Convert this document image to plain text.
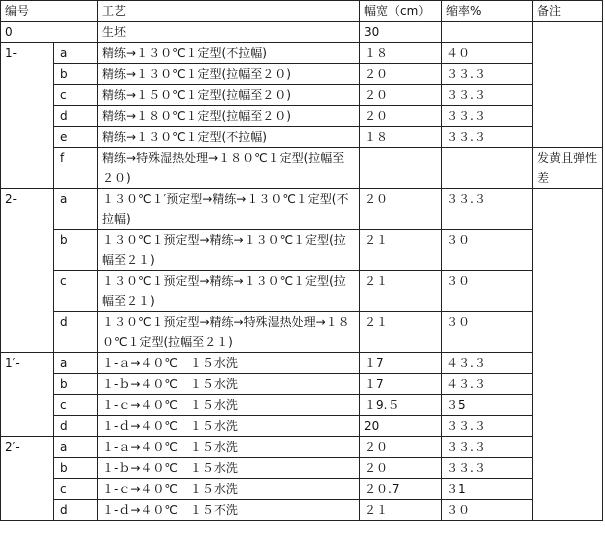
编号		工艺	幅宽（cm）	缩率%	备注
0		生坯	30		
1-	a	精练→１３０℃１定型(不拉幅)	１８	４０	
	b	精练→１３０℃１定型(拉幅至２０)	２０	３３.３	
	c	精练→１５０℃１定型(拉幅至２０)	２０	３３.３	
	d	精练→１８０℃１定型(拉幅至２０)	２０	３３.３	
	e	精练→１３０℃１定型(不拉幅)	１８	３３.３	
	f	精练→特殊湿热处理→１８０℃１定型(拉幅至２０)			发黄且弹性差
2-	a	１３０℃１′预定型→精练→１３０℃１定型(不拉幅)	２０	３３.３	
	b	１３０℃１预定型→精练→１３０℃１定型(拉幅至２１)	２１	３０	
	c	１３０℃１预定型→精练→１３０℃１定型(拉幅至２１)	２１	３０	
	d	１３０℃１预定型→精练→特殊湿热处理→１８０℃１定型(拉幅至２１)	２１	３０	
1′-	a	１-ａ→４０℃　１５水洗	１7	４３.３	
	b	１-ｂ→４０℃　１５水洗	１7	４３.３	
	c	１-ｃ→４０℃　１５水洗	１9.５	３5	
	d	１-ｄ→４０℃　１５水洗	20	３３.３	
2′-	a	１-ａ→４０℃　１５水洗	２０	３３.３	
	b	１-ｂ→４０℃　１５水洗	２０	３３.３	
	c	１-ｃ→４０℃　１５水洗	２０.7	３1	
	d	１-ｄ→４０℃　１５不洗	２１	３０	
